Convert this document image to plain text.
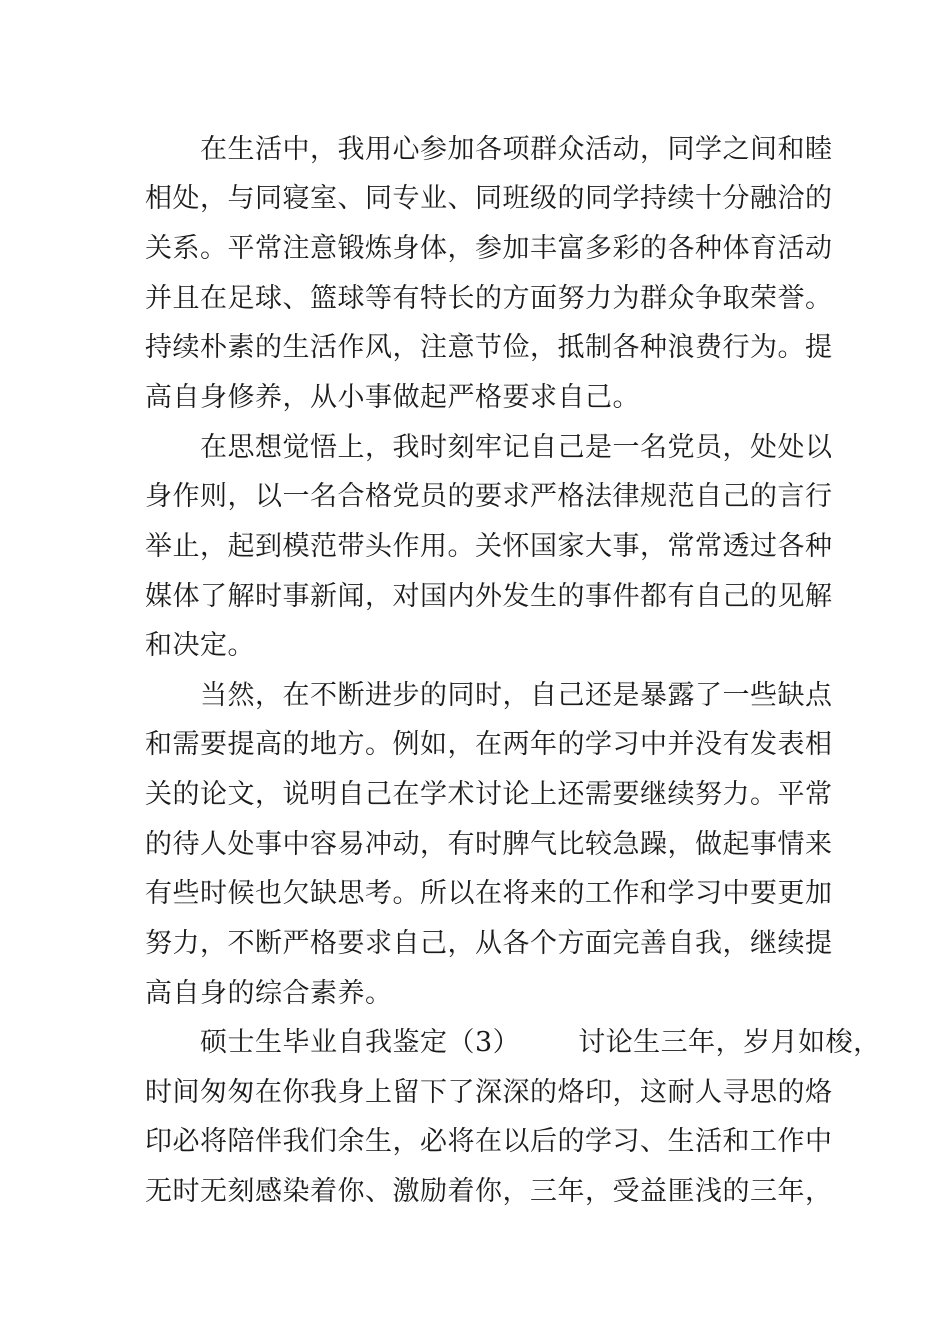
在生活中，我用心参加各项群众活动，同学之间和睦
相处，与同寝室、同专业、同班级的同学持续十分融洽的
关系。平常注意锻炼身体，参加丰富多彩的各种体育活动
并且在足球、篮球等有特长的方面努力为群众争取荣誉。
持续朴素的生活作风，注意节俭，抵制各种浪费行为。提
高自身修养，从小事做起严格要求自己。
在思想觉悟上，我时刻牢记自己是一名党员，处处以
身作则，以一名合格党员的要求严格法律规范自己的言行
举止，起到模范带头作用。关怀国家大事，常常透过各种
媒体了解时事新闻，对国内外发生的事件都有自己的见解
和决定。
当然，在不断进步的同时，自己还是暴露了一些缺点
和需要提高的地方。例如，在两年的学习中并没有发表相
关的论文，说明自己在学术讨论上还需要继续努力。平常
的待人处事中容易冲动，有时脾气比较急躁，做起事情来
有些时候也欠缺思考。所以在将来的工作和学习中要更加
努力，不断严格要求自己，从各个方面完善自我，继续提
高自身的综合素养。
硕士生毕业自我鉴定（3） 讨论生三年，岁月如梭，
时间匆匆在你我身上留下了深深的烙印，这耐人寻思的烙
印必将陪伴我们余生，必将在以后的学习、生活和工作中
无时无刻感染着你、激励着你，三年，受益匪浅的三年，
